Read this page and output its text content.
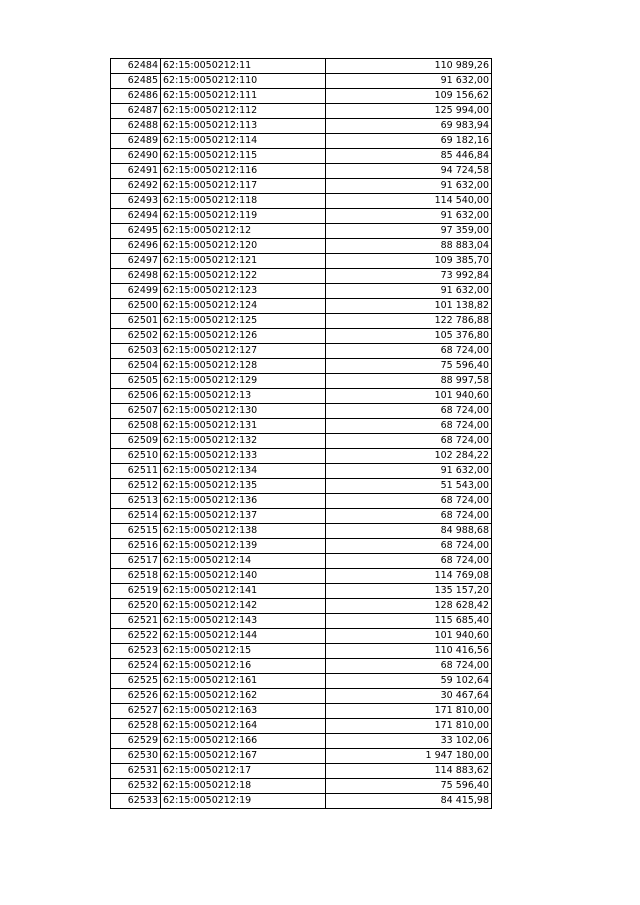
62484	62:15:0050212:11	110 989,26
62485	62:15:0050212:110	91 632,00
62486	62:15:0050212:111	109 156,62
62487	62:15:0050212:112	125 994,00
62488	62:15:0050212:113	69 983,94
62489	62:15:0050212:114	69 182,16
62490	62:15:0050212:115	85 446,84
62491	62:15:0050212:116	94 724,58
62492	62:15:0050212:117	91 632,00
62493	62:15:0050212:118	114 540,00
62494	62:15:0050212:119	91 632,00
62495	62:15:0050212:12	97 359,00
62496	62:15:0050212:120	88 883,04
62497	62:15:0050212:121	109 385,70
62498	62:15:0050212:122	73 992,84
62499	62:15:0050212:123	91 632,00
62500	62:15:0050212:124	101 138,82
62501	62:15:0050212:125	122 786,88
62502	62:15:0050212:126	105 376,80
62503	62:15:0050212:127	68 724,00
62504	62:15:0050212:128	75 596,40
62505	62:15:0050212:129	88 997,58
62506	62:15:0050212:13	101 940,60
62507	62:15:0050212:130	68 724,00
62508	62:15:0050212:131	68 724,00
62509	62:15:0050212:132	68 724,00
62510	62:15:0050212:133	102 284,22
62511	62:15:0050212:134	91 632,00
62512	62:15:0050212:135	51 543,00
62513	62:15:0050212:136	68 724,00
62514	62:15:0050212:137	68 724,00
62515	62:15:0050212:138	84 988,68
62516	62:15:0050212:139	68 724,00
62517	62:15:0050212:14	68 724,00
62518	62:15:0050212:140	114 769,08
62519	62:15:0050212:141	135 157,20
62520	62:15:0050212:142	128 628,42
62521	62:15:0050212:143	115 685,40
62522	62:15:0050212:144	101 940,60
62523	62:15:0050212:15	110 416,56
62524	62:15:0050212:16	68 724,00
62525	62:15:0050212:161	59 102,64
62526	62:15:0050212:162	30 467,64
62527	62:15:0050212:163	171 810,00
62528	62:15:0050212:164	171 810,00
62529	62:15:0050212:166	33 102,06
62530	62:15:0050212:167	1 947 180,00
62531	62:15:0050212:17	114 883,62
62532	62:15:0050212:18	75 596,40
62533	62:15:0050212:19	84 415,98
